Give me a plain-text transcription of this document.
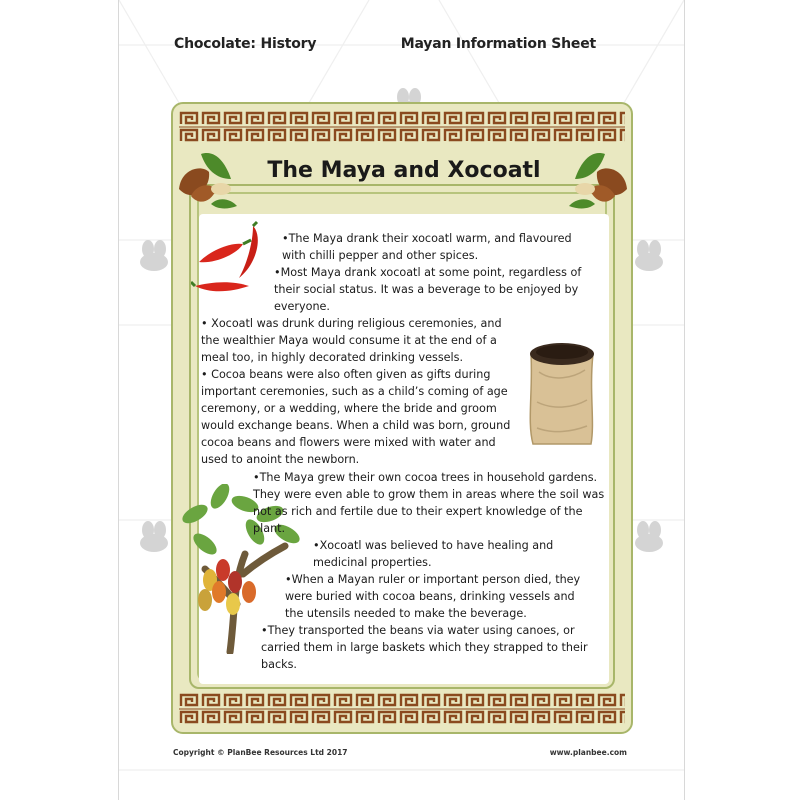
Chocolate: History	Mayan Information Sheet
The Maya and Xocoatl
•The Maya drank their xocoatl warm, and flavoured with chilli pepper and other spices.
•Most Maya drank xocoatl at some point, regardless of their social status. It was a beverage to be enjoyed by everyone.
• Xocoatl was drunk during religious ceremonies, and the wealthier Maya would consume it at the end of a meal too, in highly decorated drinking vessels.
• Cocoa beans were also often given as gifts during important ceremonies, such as a child’s coming of age ceremony, or a wedding, where the bride and groom would exchange beans. When a child was born, ground cocoa beans and flowers were mixed with water and used to anoint the newborn.
•The Maya grew their own cocoa trees in household gardens. They were even able to grow them in areas where the soil was not as rich and fertile due to their expert knowledge of the plant.
•Xocoatl was believed to have healing and medicinal properties.
•When a Mayan ruler or important person died, they were buried with cocoa beans, drinking vessels and the utensils needed to make the beverage.
•They transported the beans via water using canoes, or carried them in large baskets which they strapped to their backs.
Copyright © PlanBee Resources Ltd 2017	www.planbee.com
